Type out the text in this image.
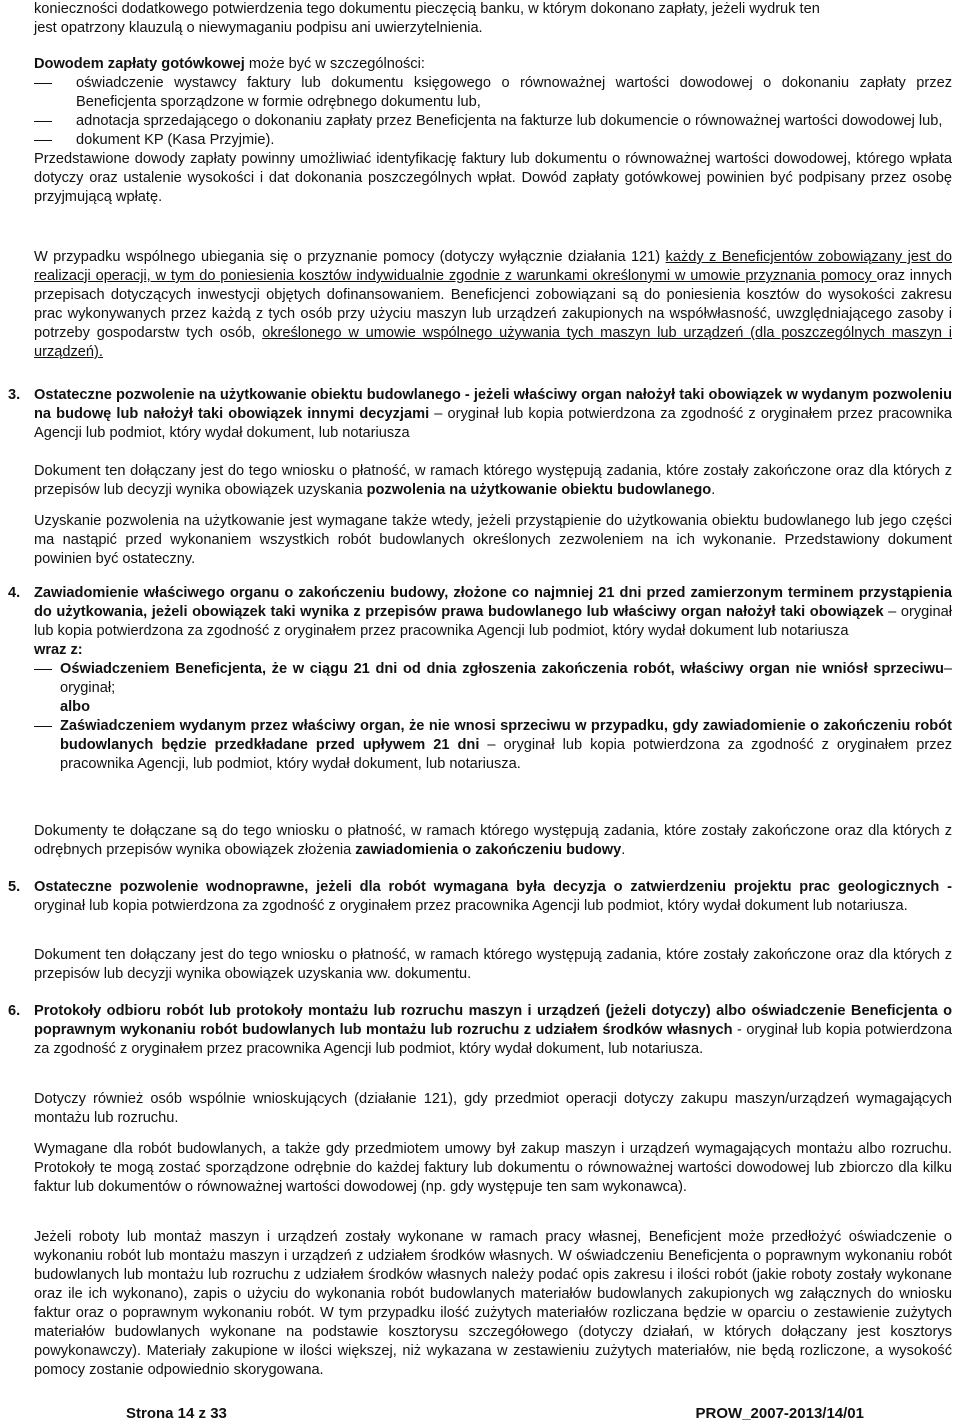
konieczności dodatkowego potwierdzenia tego dokumentu pieczęcią banku, w którym dokonano zapłaty, jeżeli wydruk ten

jest opatrzony klauzulą o niewymaganiu podpisu ani uwierzytelnienia.

Dowodem zapłaty gotówkowej może być w szczególności:

oświadczenie wystawcy faktury lub dokumentu księgowego o równoważnej wartości dowodowej o dokonaniu zapłaty przez Beneficjenta sporządzone w formie odrębnego dokumentu lub,
adnotacja sprzedającego o dokonaniu zapłaty przez Beneficjenta na fakturze lub dokumencie o równoważnej wartości dowodowej lub,
dokument KP (Kasa Przyjmie).

Przedstawione dowody zapłaty powinny umożliwiać identyfikację faktury lub dokumentu o równoważnej wartości dowodowej, którego wpłata dotyczy oraz ustalenie wysokości i dat dokonania poszczególnych wpłat. Dowód zapłaty gotówkowej powinien być podpisany przez osobę przyjmującą wpłatę.

W przypadku wspólnego ubiegania się o przyznanie pomocy (dotyczy wyłącznie działania 121) każdy z Beneficjentów zobowiązany jest do realizacji operacji, w tym do poniesienia kosztów indywidualnie zgodnie z warunkami określonymi w umowie przyznania pomocy oraz innych przepisach dotyczących inwestycji objętych dofinansowaniem. Beneficjenci zobowiązani są do poniesienia kosztów do wysokości zakresu prac wykonywanych przez każdą z tych osób przy użyciu maszyn lub urządzeń zakupionych na współwłasność, uwzględniającego zasoby i potrzeby gospodarstw tych osób, określonego w umowie wspólnego używania tych maszyn lub urządzeń (dla poszczególnych maszyn i urządzeń).

3. Ostateczne pozwolenie na użytkowanie obiektu budowlanego - jeżeli właściwy organ nałożył taki obowiązek w wydanym pozwoleniu na budowę lub nałożył taki obowiązek innymi decyzjami – oryginał lub kopia potwierdzona za zgodność z oryginałem przez pracownika Agencji lub podmiot, który wydał dokument, lub notariusza

Dokument ten dołączany jest do tego wniosku o płatność, w ramach którego występują zadania, które zostały zakończone oraz dla których z przepisów lub decyzji wynika obowiązek uzyskania pozwolenia na użytkowanie obiektu budowlanego.

Uzyskanie pozwolenia na użytkowanie jest wymagane także wtedy, jeżeli przystąpienie do użytkowania obiektu budowlanego lub jego części ma nastąpić przed wykonaniem wszystkich robót budowlanych określonych zezwoleniem na ich wykonanie. Przedstawiony dokument powinien być ostateczny.

4. Zawiadomienie właściwego organu o zakończeniu budowy, złożone co najmniej 21 dni przed zamierzonym terminem przystąpienia do użytkowania, jeżeli obowiązek taki wynika z przepisów prawa budowlanego lub właściwy organ nałożył taki obowiązek – oryginał lub kopia potwierdzona za zgodność z oryginałem przez pracownika Agencji lub podmiot, który wydał dokument lub notariusza

wraz z:

Oświadczeniem Beneficjenta, że w ciągu 21 dni od dnia zgłoszenia zakończenia robót, właściwy organ nie wniósł sprzeciwu– oryginał;

albo

Zaświadczeniem wydanym przez właściwy organ, że nie wnosi sprzeciwu w przypadku, gdy zawiadomienie o zakończeniu robót budowlanych będzie przedkładane przed upływem 21 dni – oryginał lub kopia potwierdzona za zgodność z oryginałem przez pracownika Agencji, lub podmiot, który wydał dokument, lub notariusza.

Dokumenty te dołączane są do tego wniosku o płatność, w ramach którego występują zadania, które zostały zakończone oraz dla których z odrębnych przepisów wynika obowiązek złożenia zawiadomienia o zakończeniu budowy.

5. Ostateczne pozwolenie wodnoprawne, jeżeli dla robót wymagana była decyzja o zatwierdzeniu projektu prac geologicznych - oryginał lub kopia potwierdzona za zgodność z oryginałem przez pracownika Agencji lub podmiot, który wydał dokument lub notariusza.

Dokument ten dołączany jest do tego wniosku o płatność, w ramach którego występują zadania, które zostały zakończone oraz dla których z przepisów lub decyzji wynika obowiązek uzyskania ww. dokumentu.

6. Protokoły odbioru robót lub protokoły montażu lub rozruchu maszyn i urządzeń (jeżeli dotyczy) albo oświadczenie Beneficjenta o poprawnym wykonaniu robót budowlanych lub montażu lub rozruchu z udziałem środków własnych - oryginał lub kopia potwierdzona za zgodność z oryginałem przez pracownika Agencji lub podmiot, który wydał dokument, lub notariusza.

Dotyczy również osób wspólnie wnioskujących (działanie 121), gdy przedmiot operacji dotyczy zakupu maszyn/urządzeń wymagających montażu lub rozruchu.

Wymagane dla robót budowlanych, a także gdy przedmiotem umowy był zakup maszyn i urządzeń wymagających montażu albo rozruchu. Protokoły te mogą zostać sporządzone odrębnie do każdej faktury lub dokumentu o równoważnej wartości dowodowej lub zbiorczo dla kilku faktur lub dokumentów o równoważnej wartości dowodowej (np. gdy występuje ten sam wykonawca).

Jeżeli roboty lub montaż maszyn i urządzeń zostały wykonane w ramach pracy własnej, Beneficjent może przedłożyć oświadczenie o wykonaniu robót lub montażu maszyn i urządzeń z udziałem środków własnych. W oświadczeniu Beneficjenta o poprawnym wykonaniu robót budowlanych lub montażu lub rozruchu z udziałem środków własnych należy podać opis zakresu i ilości robót (jakie roboty zostały wykonane oraz ile ich wykonano), zapis o użyciu do wykonania robót budowlanych materiałów budowlanych zakupionych wg załącznych do wniosku faktur oraz o poprawnym wykonaniu robót. W tym przypadku ilość zużytych materiałów rozliczana będzie w oparciu o zestawienie zużytych materiałów budowlanych wykonane na podstawie kosztorysu szczegółowego (dotyczy działań, w których dołączany jest kosztorys powykonawczy). Materiały zakupione w ilości większej, niż wykazana w zestawieniu zużytych materiałów, nie będą rozliczone, a wysokość pomocy zostanie odpowiednio skorygowana.

Strona 14 z 33	PROW_2007-2013/14/01
